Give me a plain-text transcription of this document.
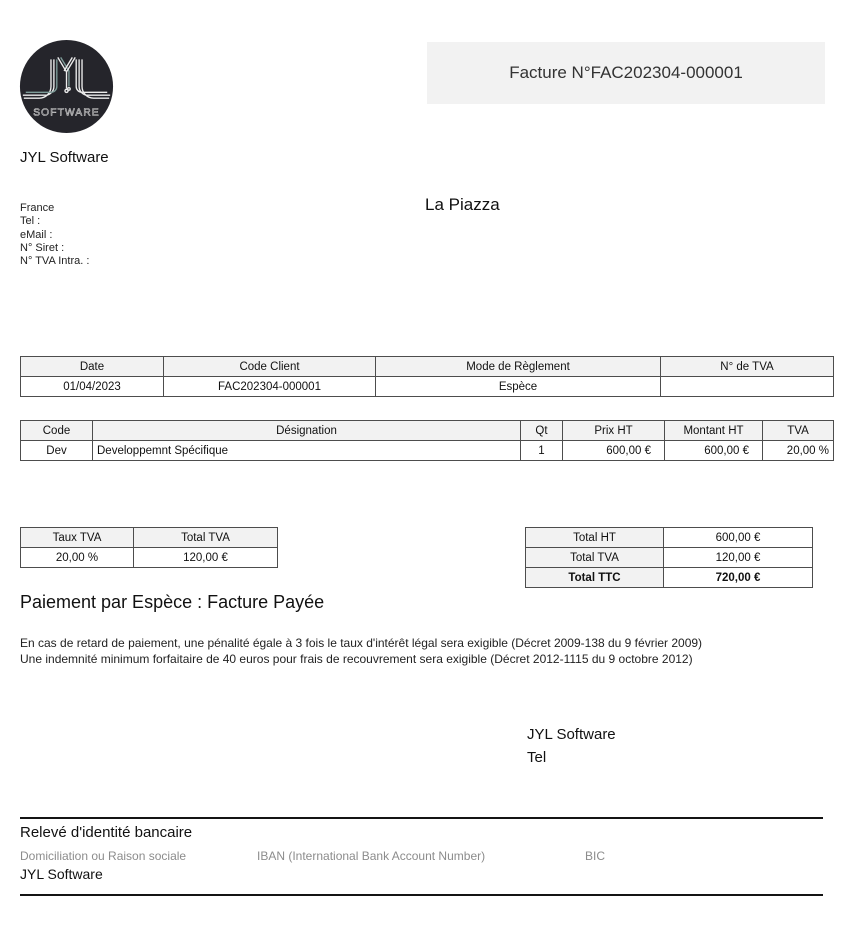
SOFTWARE
JYL Software
Facture N°FAC202304-000001
La Piazza
France
Tel :
eMail :
N° Siret :
N° TVA Intra. :
Date	Code Client	Mode de Règlement	N° de TVA
01/04/2023	FAC202304-000001	Espèce	
Code	Désignation	Qt	Prix HT	Montant HT	TVA
Dev	Developpemnt Spécifique	1	600,00 €	600,00 €	20,00 %
Taux TVA	Total TVA
20,00 %	120,00 €
Total HT	600,00 €
Total TVA	120,00 €
Total TTC	720,00 €
Paiement par Espèce : Facture Payée
En cas de retard de paiement, une pénalité égale à 3 fois le taux d'intérêt légal sera exigible (Décret 2009-138 du 9 février 2009)
Une indemnité minimum forfaitaire de 40 euros pour frais de recouvrement sera exigible (Décret 2012-1115 du 9 octobre 2012)
JYL Software
Tel
Relevé d'identité bancaire
Domiciliation ou Raison sociale	IBAN (International Bank Account Number)	BIC
JYL Software
